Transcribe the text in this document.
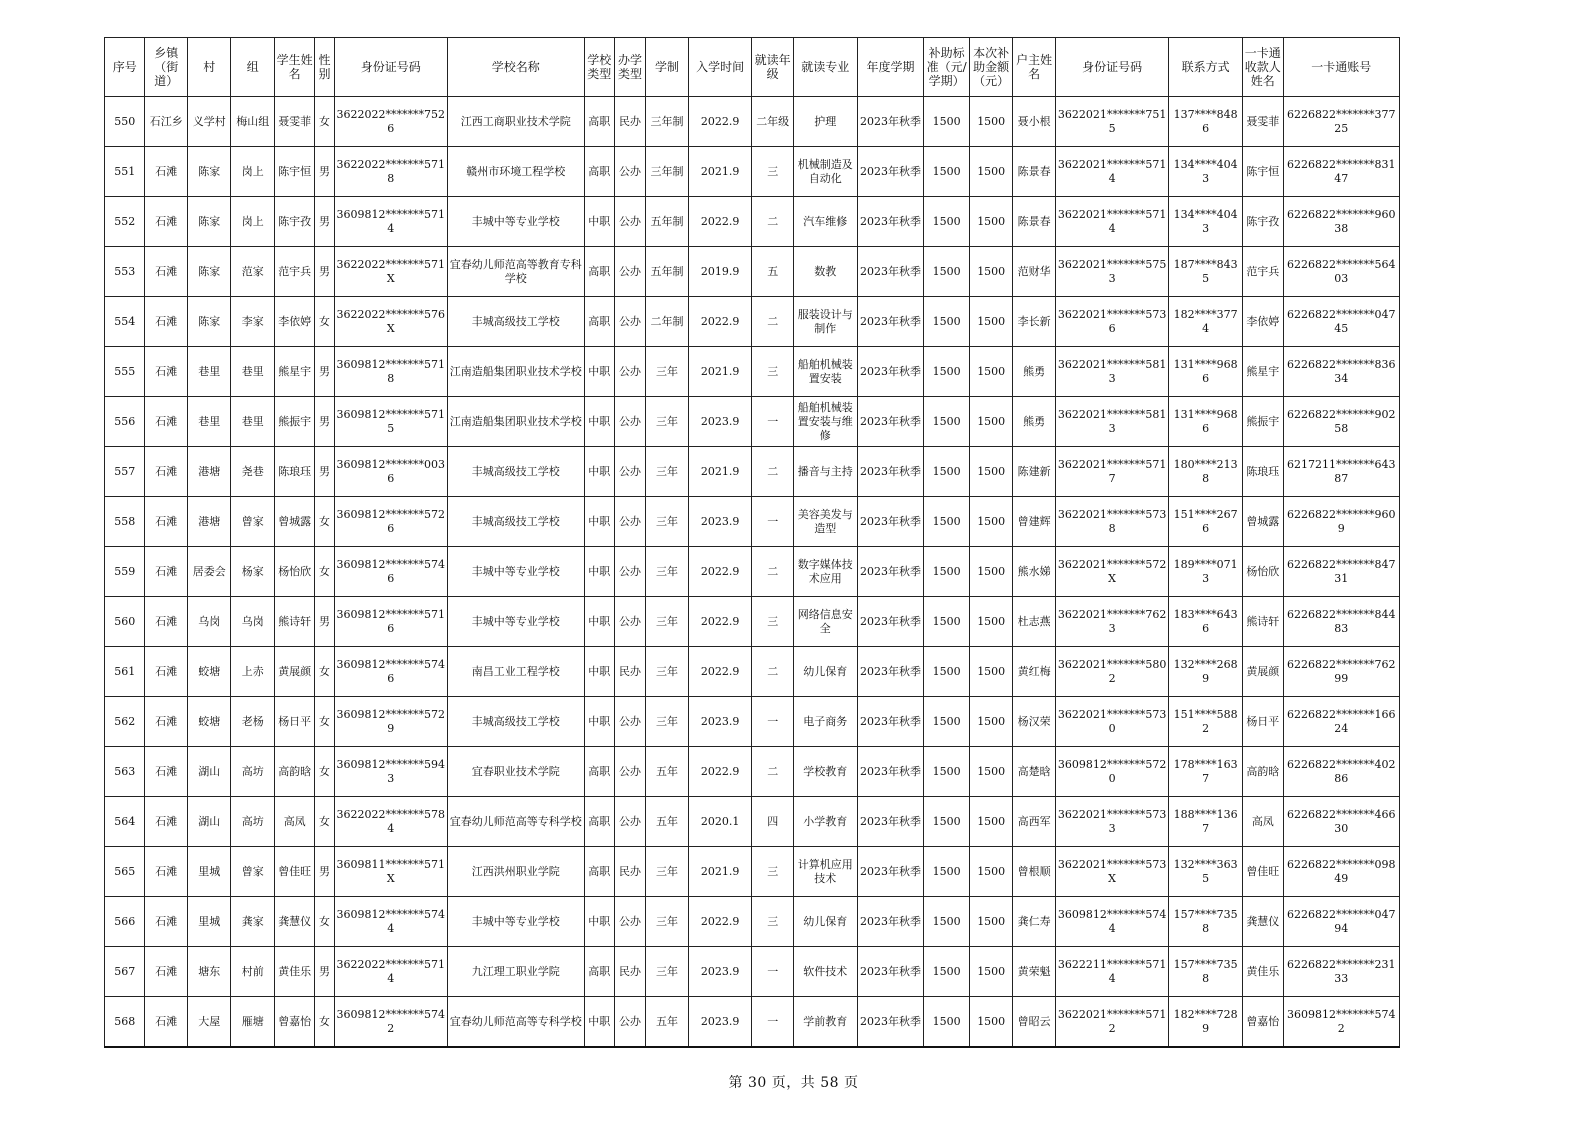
序号	乡镇（街道）	村	组	学生姓名	性别	身份证号码	学校名称	学校类型	办学类型	学制	入学时间	就读年级	就读专业	年度学期	补助标准（元/学期）	本次补助金额（元）	户主姓名	身份证号码	联系方式	一卡通收款人姓名	一卡通账号
550	石江乡	义学村	梅山组	聂雯菲	女	3622022*******7526	江西工商职业技术学院	高职	民办	三年制	2022.9	二年级	护理	2023年秋季	1500	1500	聂小根	3622021*******7515	137****8486	聂雯菲	6226822*******37725
551	石滩	陈家	岗上	陈宇恒	男	3622022*******5718	赣州市环境工程学校	高职	公办	三年制	2021.9	三	机械制造及自动化	2023年秋季	1500	1500	陈景春	3622021*******5714	134****4043	陈宇恒	6226822*******83147
552	石滩	陈家	岗上	陈宇孜	男	3609812*******5714	丰城中等专业学校	中职	公办	五年制	2022.9	二	汽车维修	2023年秋季	1500	1500	陈景春	3622021*******5714	134****4043	陈宇孜	6226822*******96038
553	石滩	陈家	范家	范宇兵	男	3622022*******571X	宜春幼儿师范高等教育专科学校	高职	公办	五年制	2019.9	五	数教	2023年秋季	1500	1500	范财华	3622021*******5753	187****8435	范宇兵	6226822*******56403
554	石滩	陈家	李家	李依婷	女	3622022*******576X	丰城高级技工学校	高职	公办	二年制	2022.9	二	服装设计与制作	2023年秋季	1500	1500	李长新	3622021*******5736	182****3774	李依婷	6226822*******04745
555	石滩	巷里	巷里	熊星宇	男	3609812*******5718	江南造船集团职业技术学校	中职	公办	三年	2021.9	三	船舶机械装置安装	2023年秋季	1500	1500	熊勇	3622021*******5813	131****9686	熊星宇	6226822*******83634
556	石滩	巷里	巷里	熊振宇	男	3609812*******5715	江南造船集团职业技术学校	中职	公办	三年	2023.9	一	船舶机械装置安装与维修	2023年秋季	1500	1500	熊勇	3622021*******5813	131****9686	熊振宇	6226822*******90258
557	石滩	港塘	尧巷	陈琅珏	男	3609812*******0036	丰城高级技工学校	中职	公办	三年	2021.9	二	播音与主持	2023年秋季	1500	1500	陈建新	3622021*******5717	180****2138	陈琅珏	6217211*******64387
558	石滩	港塘	曾家	曾城露	女	3609812*******5726	丰城高级技工学校	中职	公办	三年	2023.9	一	美容美发与造型	2023年秋季	1500	1500	曾建辉	3622021*******5738	151****2676	曾城露	6226822*******9609
559	石滩	居委会	杨家	杨怡欣	女	3609812*******5746	丰城中等专业学校	中职	公办	三年	2022.9	二	数字媒体技术应用	2023年秋季	1500	1500	熊水娣	3622021*******572X	189****0713	杨怡欣	6226822*******84731
560	石滩	乌岗	乌岗	熊诗轩	男	3609812*******5716	丰城中等专业学校	中职	公办	三年	2022.9	三	网络信息安全	2023年秋季	1500	1500	杜志燕	3622021*******7623	183****6436	熊诗轩	6226822*******84483
561	石滩	蛟塘	上赤	黄展颜	女	3609812*******5746	南昌工业工程学校	中职	民办	三年	2022.9	二	幼儿保育	2023年秋季	1500	1500	黄红梅	3622021*******5802	132****2689	黄展颜	6226822*******76299
562	石滩	蛟塘	老杨	杨日平	女	3609812*******5729	丰城高级技工学校	中职	公办	三年	2023.9	一	电子商务	2023年秋季	1500	1500	杨汉荣	3622021*******5730	151****5882	杨日平	6226822*******16624
563	石滩	湖山	高坊	高韵晗	女	3609812*******5943	宜春职业技术学院	高职	公办	五年	2022.9	二	学校教育	2023年秋季	1500	1500	高楚晗	3609812*******5720	178****1637	高韵晗	6226822*******40286
564	石滩	湖山	高坊	高凤	女	3622022*******5784	宜春幼儿师范高等专科学校	高职	公办	五年	2020.1	四	小学教育	2023年秋季	1500	1500	高西军	3622021*******5733	188****1367	高凤	6226822*******46630
565	石滩	里城	曾家	曾佳旺	男	3609811*******571X	江西洪州职业学院	高职	民办	三年	2021.9	三	计算机应用技术	2023年秋季	1500	1500	曾根顺	3622021*******573X	132****3635	曾佳旺	6226822*******09849
566	石滩	里城	龚家	龚慧仪	女	3609812*******5744	丰城中等专业学校	中职	公办	三年	2022.9	三	幼儿保育	2023年秋季	1500	1500	龚仁寿	3609812*******5744	157****7358	龚慧仪	6226822*******04794
567	石滩	塘东	村前	黄佳乐	男	3622022*******5714	九江理工职业学院	高职	民办	三年	2023.9	一	软件技术	2023年秋季	1500	1500	黄荣魁	3622211*******5714	157****7358	黄佳乐	6226822*******23133
568	石滩	大屋	雁塘	曾嘉怡	女	3609812*******5742	宜春幼儿师范高等专科学校	中职	公办	五年	2023.9	一	学前教育	2023年秋季	1500	1500	曾昭云	3622021*******5712	182****7289	曾嘉怡	3609812*******5742
第 30 页，共 58 页
